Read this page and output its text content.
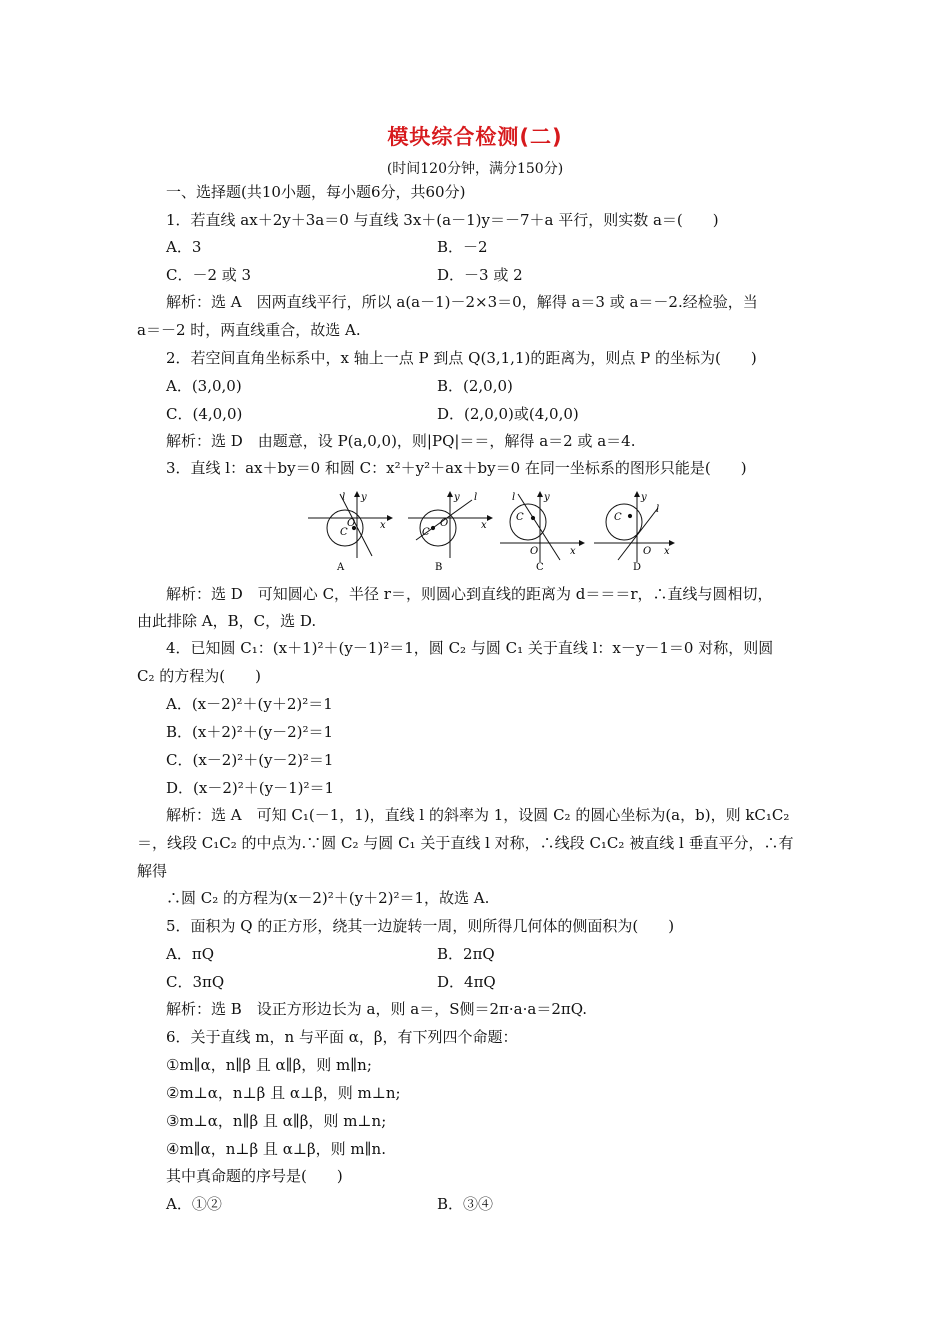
模块综合检测(二)
(时间120分钟，满分150分)
一、选择题(共10小题，每小题6分，共60分)
1．若直线 ax＋2y＋3a＝0 与直线 3x＋(a－1)y＝－7＋a 平行，则实数 a＝(　　)
A．3	B．－2
C．－2 或 3	D．－3 或 2
解析：选 A　因两直线平行，所以 a(a－1)－2×3＝0，解得 a＝3 或 a＝－2.经检验，当
a＝－2 时，两直线重合，故选 A.
2．若空间直角坐标系中，x 轴上一点 P 到点 Q(3,1,1)的距离为，则点 P 的坐标为(　　)
A．(3,0,0)	B．(2,0,0)
C．(4,0,0)	D．(2,0,0)或(4,0,0)
解析：选 D　由题意，设 P(a,0,0)，则|PQ|＝＝，解得 a＝2 或 a＝4.
3．直线 l：ax＋by＝0 和圆 C：x²＋y²＋ax＋by＝0 在同一坐标系的图形只能是(　　)
l y
x
O
C
A
y l
x
O
C
B
l	y
x
O
C
C
y
l
x
O
C
D
解析：选 D　可知圆心 C，半径 r＝，则圆心到直线的距离为 d＝＝＝r，∴直线与圆相切，
由此排除 A，B，C，选 D.
4．已知圆 C₁：(x＋1)²＋(y－1)²＝1，圆 C₂ 与圆 C₁ 关于直线 l：x－y－1＝0 对称，则圆
C₂ 的方程为(　　)
A．(x－2)²＋(y＋2)²＝1
B．(x＋2)²＋(y－2)²＝1
C．(x－2)²＋(y－2)²＝1
D．(x－2)²＋(y－1)²＝1
解析：选 A　可知 C₁(－1，1)，直线 l 的斜率为 1，设圆 C₂ 的圆心坐标为(a，b)，则 kC₁C₂
＝，线段 C₁C₂ 的中点为.∵圆 C₂ 与圆 C₁ 关于直线 l 对称，∴线段 C₁C₂ 被直线 l 垂直平分，∴有
解得
∴圆 C₂ 的方程为(x－2)²＋(y＋2)²＝1，故选 A.
5．面积为 Q 的正方形，绕其一边旋转一周，则所得几何体的侧面积为(　　)
A．πQ	B．2πQ
C．3πQ	D．4πQ
解析：选 B　设正方形边长为 a，则 a＝，S侧＝2π·a·a＝2πQ.
6．关于直线 m，n 与平面 α，β，有下列四个命题：
①m∥α，n∥β 且 α∥β，则 m∥n;
②m⊥α，n⊥β 且 α⊥β，则 m⊥n;
③m⊥α，n∥β 且 α∥β，则 m⊥n;
④m∥α，n⊥β 且 α⊥β，则 m∥n.
其中真命题的序号是(　　)
A．①②	B．③④
